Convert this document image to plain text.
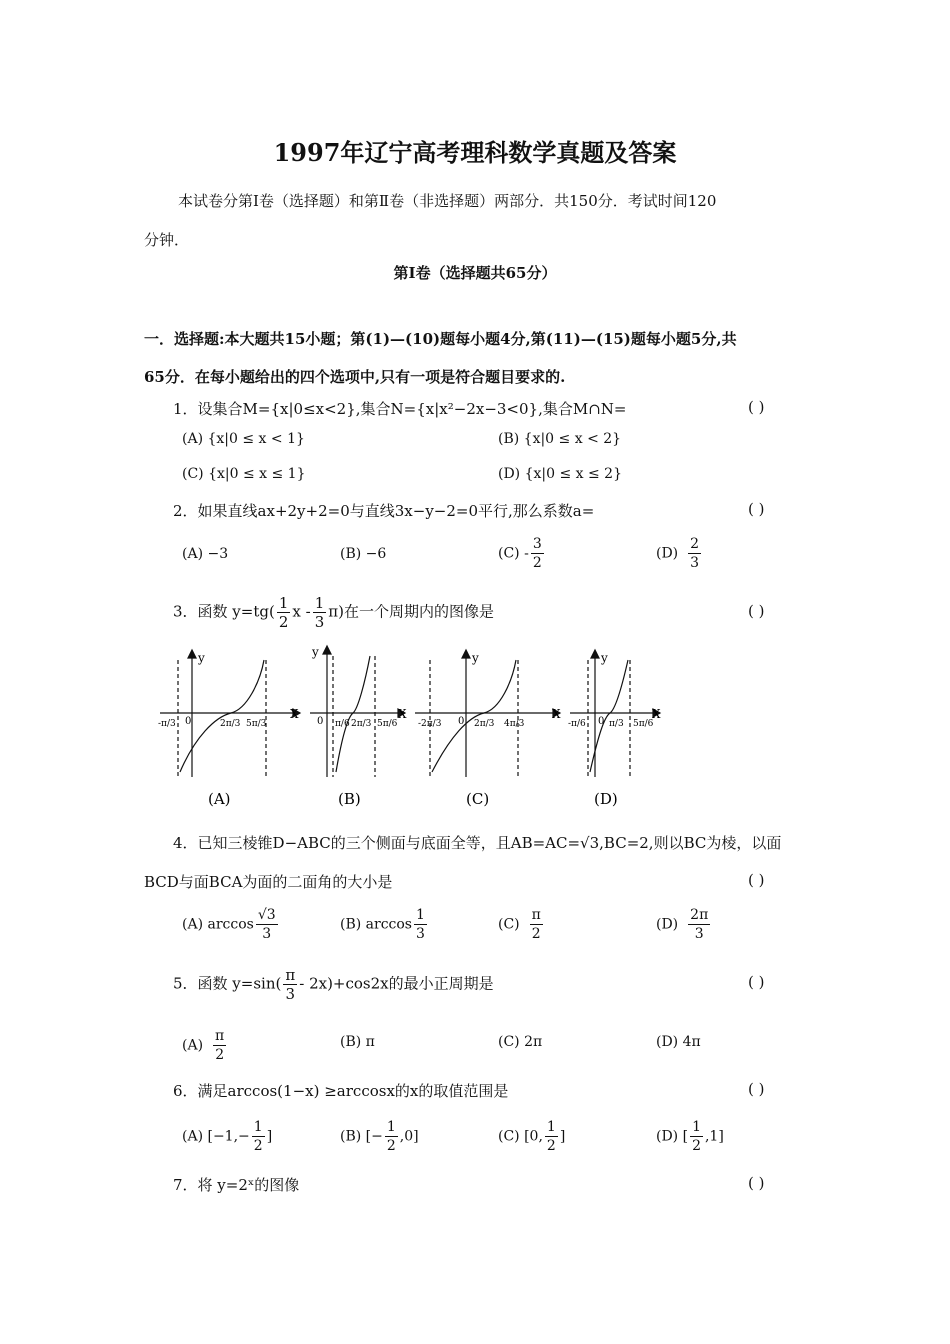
1997年辽宁高考理科数学真题及答案
本试卷分第Ⅰ卷（选择题）和第Ⅱ卷（非选择题）两部分．共150分．考试时间120
分钟．
第Ⅰ卷（选择题共65分）
一．选择题:本大题共15小题；第(1)—(10)题每小题4分,第(11)—(15)题每小题5分,共
65分．在每小题给出的四个选项中,只有一项是符合题目要求的.
1．设集合M={x|0≤x<2},集合N={x|x²−2x−3<0},集合M∩N=	( )
(A) {x|0 ≤ x < 1}	(B) {x|0 ≤ x < 2}
(C) {x|0 ≤ x ≤ 1}	(D) {x|0 ≤ x ≤ 2}
2．如果直线ax+2y+2=0与直线3x−y−2=0平行,那么系数a=	( )
(A) −3	(B) −6	$(C) - \frac{3}{2}$	$(D) \frac{2}{3}$
3．函数 $y=tg( \frac{1}{2}$ x - $\frac{1}{3} \pi$)在一个周期内的图像是	( )
y
X
0
-π/3	2π/3 5π/3
(A)
y
X
0 π/6 2π/3 5π/6
(B)
y
X
0
-2π/3	2π/3 4π/3
(C)
y
X
0
-π/6	π/3 5π/6
(D)
4．已知三棱锥D−ABC的三个侧面与底面全等，且AB=AC=√3,BC=2,则以BC为棱，以面
BCD与面BCA为面的二面角的大小是	( )
(A) $\arccos \frac{√3}{3}$	(B) $\arccos \frac{1}{3}$	$(C) \frac{\pi}{2}$	$(D) \frac{2\pi}{3}$
5．函数 $y=\sin( \frac{\pi}{3} - 2x)+\cos 2x$的最小正周期是	( )
$(A) \frac{\pi}{2}$	(B) π	(C) 2π	(D) 4π
6．满足arccos(1−x) ≥arccosx的x的取值范围是	( )
(A) [$-1,- \frac{1}{2}$ ]	(B) [− $\frac{1}{2} ,0$]	(C) [0, $\frac{1}{2}$ ]	(D) [ $\frac{1}{2} ,1$]
7．将 y=2ˣ的图像	( )
